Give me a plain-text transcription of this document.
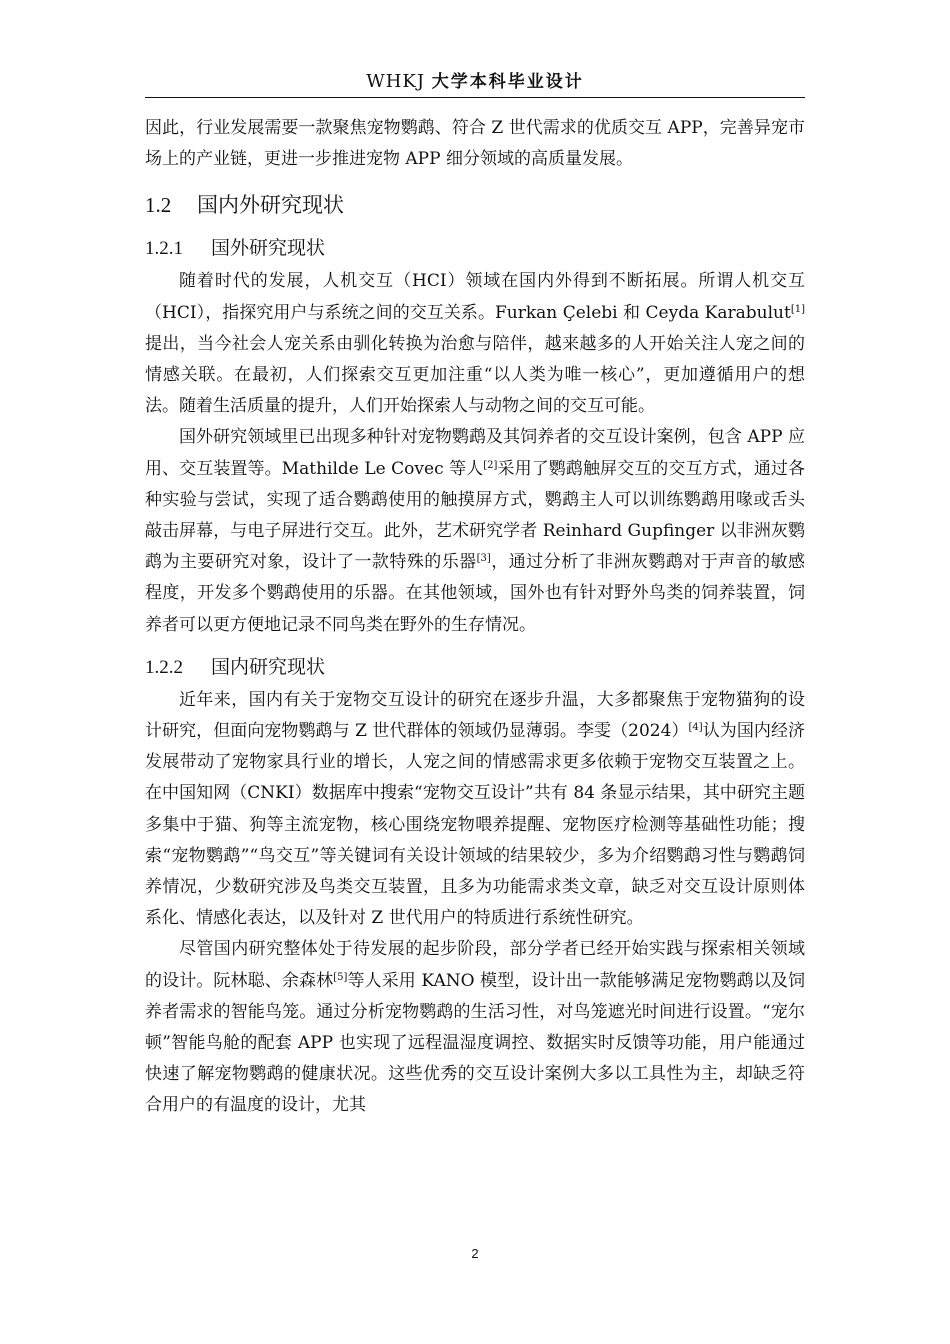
WHKJ 大学本科毕业设计

因此，行业发展需要一款聚焦宠物鹦鹉、符合 Z 世代需求的优质交互 APP，完善异宠市场上的产业链，更进一步推进宠物 APP 细分领域的高质量发展。

1.2 国内外研究现状
1.2.1 国外研究现状

随着时代的发展，人机交互（HCI）领域在国内外得到不断拓展。所谓人机交互（HCI），指探究用户与系统之间的交互关系。Furkan Çelebi 和 Ceyda Karabulut[1]提出，当今社会人宠关系由驯化转换为治愈与陪伴，越来越多的人开始关注人宠之间的情感关联。在最初，人们探索交互更加注重“以人类为唯一核心”，更加遵循用户的想法。随着生活质量的提升，人们开始探索人与动物之间的交互可能。

国外研究领域里已出现多种针对宠物鹦鹉及其饲养者的交互设计案例，包含 APP 应用、交互装置等。Mathilde Le Covec 等人[2]采用了鹦鹉触屏交互的交互方式，通过各种实验与尝试，实现了适合鹦鹉使用的触摸屏方式，鹦鹉主人可以训练鹦鹉用喙或舌头敲击屏幕，与电子屏进行交互。此外，艺术研究学者 Reinhard Gupfinger 以非洲灰鹦鹉为主要研究对象，设计了一款特殊的乐器[3]，通过分析了非洲灰鹦鹉对于声音的敏感程度，开发多个鹦鹉使用的乐器。在其他领域，国外也有针对野外鸟类的饲养装置，饲养者可以更方便地记录不同鸟类在野外的生存情况。

1.2.2 国内研究现状

近年来，国内有关于宠物交互设计的研究在逐步升温，大多都聚焦于宠物猫狗的设计研究，但面向宠物鹦鹉与 Z 世代群体的领域仍显薄弱。李雯（2024）[4]认为国内经济发展带动了宠物家具行业的增长，人宠之间的情感需求更多依赖于宠物交互装置之上。在中国知网（CNKI）数据库中搜索“宠物交互设计”共有 84 条显示结果，其中研究主题多集中于猫、狗等主流宠物，核心围绕宠物喂养提醒、宠物医疗检测等基础性功能；搜索“宠物鹦鹉”“鸟交互”等关键词有关设计领域的结果较少，多为介绍鹦鹉习性与鹦鹉饲养情况，少数研究涉及鸟类交互装置，且多为功能需求类文章，缺乏对交互设计原则体系化、情感化表达，以及针对 Z 世代用户的特质进行系统性研究。

尽管国内研究整体处于待发展的起步阶段，部分学者已经开始实践与探索相关领域的设计。阮林聪、余森林[5]等人采用 KANO 模型，设计出一款能够满足宠物鹦鹉以及饲养者需求的智能鸟笼。通过分析宠物鹦鹉的生活习性，对鸟笼遮光时间进行设置。“宠尔顿”智能鸟舱的配套 APP 也实现了远程温湿度调控、数据实时反馈等功能，用户能通过快速了解宠物鹦鹉的健康状况。这些优秀的交互设计案例大多以工具性为主，却缺乏符合用户的有温度的设计，尤其

2
